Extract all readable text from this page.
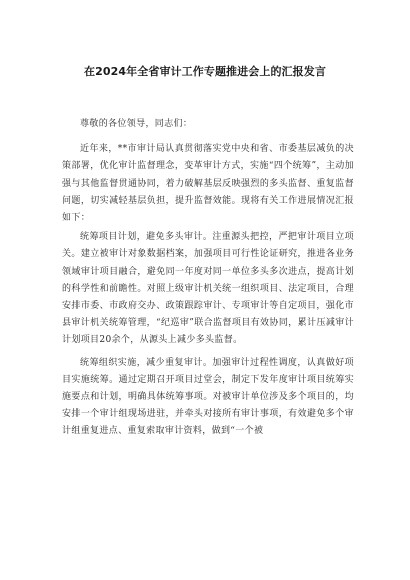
在2024年全省审计工作专题推进会上的汇报发言

尊敬的各位领导，同志们：

近年来，**市审计局认真贯彻落实党中央和省、市委基层减负的决策部署，优化审计监督理念，变革审计方式，实施“四个统筹”，主动加强与其他监督贯通协同，着力破解基层反映强烈的多头监督、重复监督问题，切实减轻基层负担，提升监督效能。现将有关工作进展情况汇报如下：

统筹项目计划，避免多头审计。注重源头把控，严把审计项目立项关。建立被审计对象数据档案，加强项目可行性论证研究，推进各业务领域审计项目融合，避免同一年度对同一单位多头多次进点，提高计划的科学性和前瞻性。对照上级审计机关统一组织项目、法定项目，合理安排市委、市政府交办、政策跟踪审计、专项审计等自定项目，强化市县审计机关统筹管理，“纪巡审”联合监督项目有效协同，累计压减审计计划项目20余个，从源头上减少多头监督。

统筹组织实施，减少重复审计。加强审计过程性调度，认真做好项目实施统筹。通过定期召开项目过堂会，制定下发年度审计项目统筹实施要点和计划，明确具体统筹事项。对被审计单位涉及多个项目的，均安排一个审计组现场进驻，并牵头对接所有审计事项，有效避免多个审计组重复进点、重复索取审计资料，做到“一个被
